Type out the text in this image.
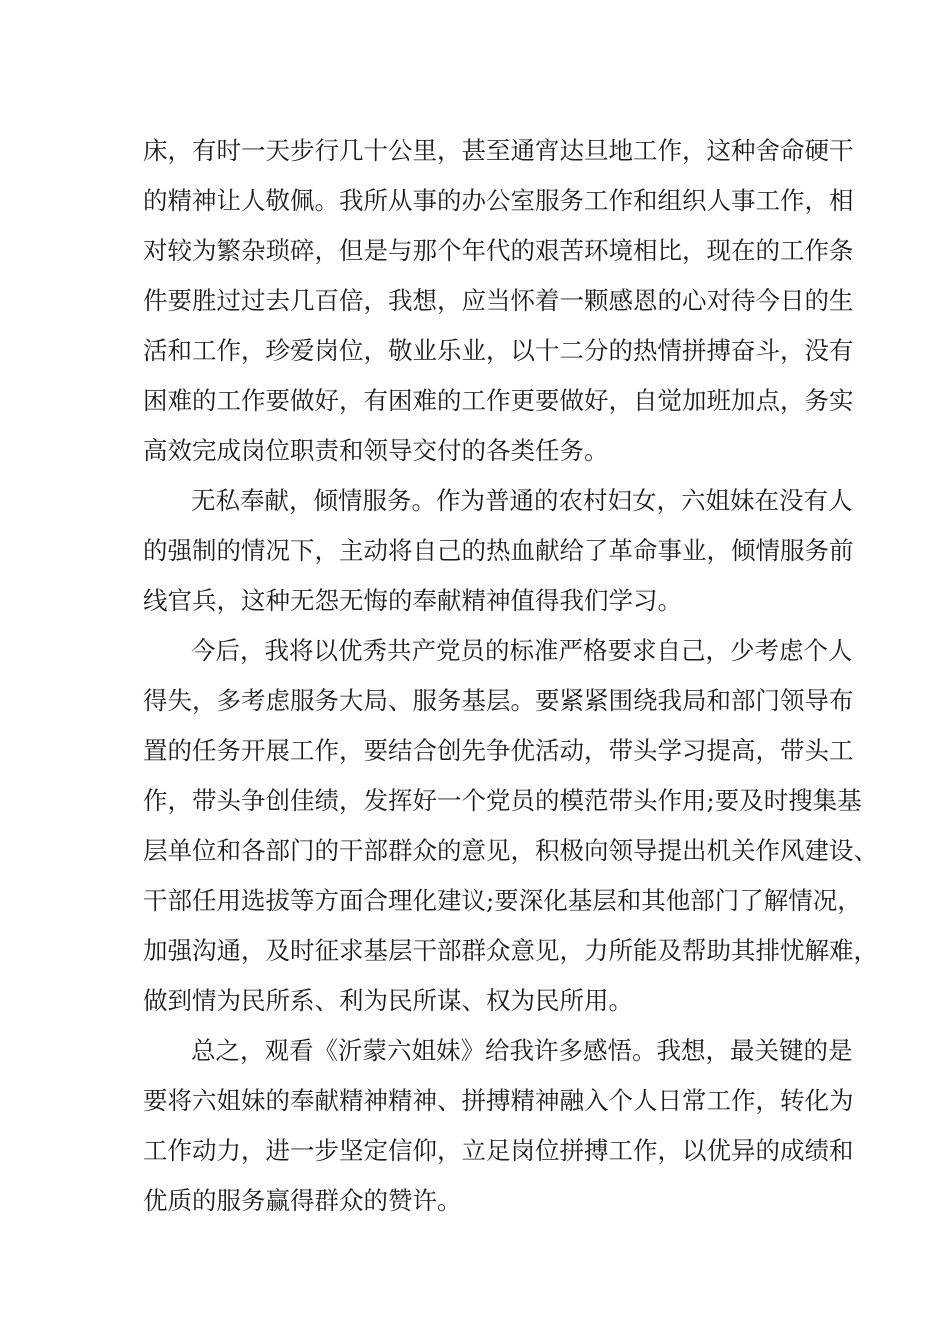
床，有时一天步行几十公里，甚至通宵达旦地工作，这种舍命硬干

的精神让人敬佩。我所从事的办公室服务工作和组织人事工作，相

对较为繁杂琐碎，但是与那个年代的艰苦环境相比，现在的工作条

件要胜过过去几百倍，我想，应当怀着一颗感恩的心对待今日的生

活和工作，珍爱岗位，敬业乐业，以十二分的热情拼搏奋斗，没有

困难的工作要做好，有困难的工作更要做好，自觉加班加点，务实

高效完成岗位职责和领导交付的各类任务。

无私奉献，倾情服务。作为普通的农村妇女，六姐妹在没有人

的强制的情况下，主动将自己的热血献给了革命事业，倾情服务前

线官兵，这种无怨无悔的奉献精神值得我们学习。

今后，我将以优秀共产党员的标准严格要求自己，少考虑个人

得失，多考虑服务大局、服务基层。要紧紧围绕我局和部门领导布

置的任务开展工作，要结合创先争优活动，带头学习提高，带头工

作，带头争创佳绩，发挥好一个党员的模范带头作用;要及时搜集基

层单位和各部门的干部群众的意见，积极向领导提出机关作风建设、

干部任用选拔等方面合理化建议;要深化基层和其他部门了解情况，

加强沟通，及时征求基层干部群众意见，力所能及帮助其排忧解难，

做到情为民所系、利为民所谋、权为民所用。

总之，观看《沂蒙六姐妹》给我许多感悟。我想，最关键的是

要将六姐妹的奉献精神精神、拼搏精神融入个人日常工作，转化为

工作动力，进一步坚定信仰，立足岗位拼搏工作，以优异的成绩和

优质的服务赢得群众的赞许。
